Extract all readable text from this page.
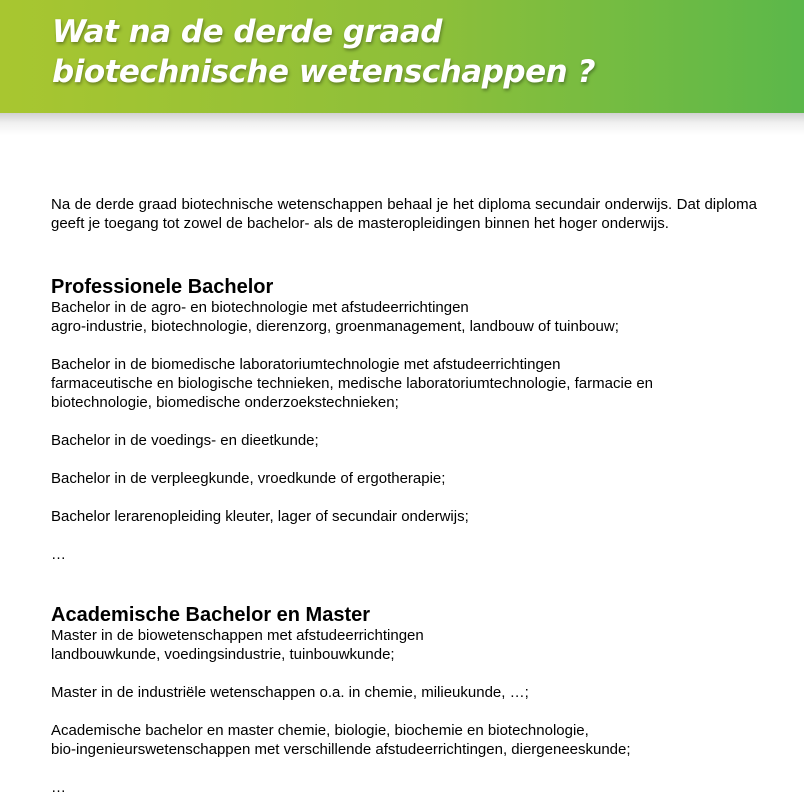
Wat na de derde graad
biotechnische wetenschappen ?

Na de derde graad biotechnische wetenschappen behaal je het diploma secundair onderwijs. Dat diploma geeft je toegang tot zowel de bachelor- als de masteropleidingen binnen het hoger onderwijs.

Professionele Bachelor

Bachelor in de agro- en biotechnologie met afstudeerrichtingen
agro-industrie, biotechnologie, dierenzorg, groenmanagement, landbouw of tuinbouw;

Bachelor in de biomedische laboratoriumtechnologie met afstudeerrichtingen
farmaceutische en biologische technieken, medische laboratoriumtechnologie, farmacie en
biotechnologie, biomedische onderzoekstechnieken;

Bachelor in de voedings- en dieetkunde;

Bachelor in de verpleegkunde, vroedkunde of ergotherapie;

Bachelor lerarenopleiding kleuter, lager of secundair onderwijs;

…

Academische Bachelor en Master

Master in de biowetenschappen met afstudeerrichtingen
landbouwkunde, voedingsindustrie, tuinbouwkunde;

Master in de industriële wetenschappen o.a. in chemie, milieukunde, …;

Academische bachelor en master chemie, biologie, biochemie en biotechnologie,
bio-ingenieurswetenschappen met verschillende afstudeerrichtingen, diergeneeskunde;

…
